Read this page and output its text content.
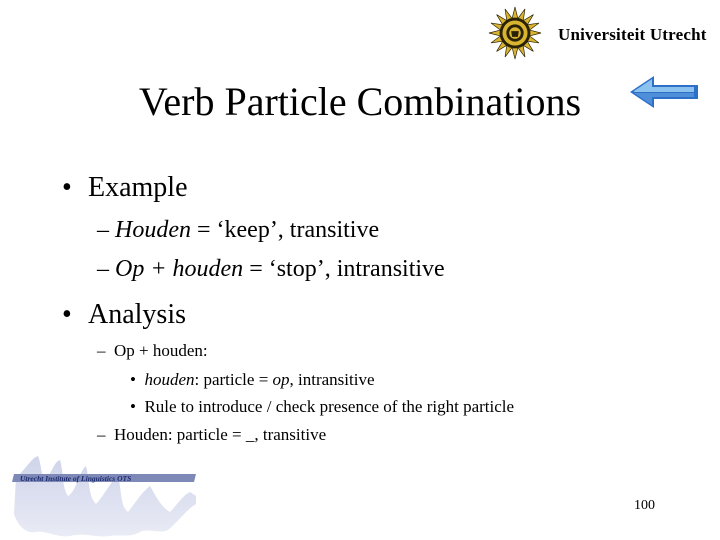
Universiteit Utrecht
Verb Particle Combinations
• Example
– Houden = ‘keep’, transitive
– Op + houden = ‘stop’, intransitive
• Analysis
–  Op + houden:
•  houden: particle = op, intransitive
•  Rule to introduce / check presence of the right particle
–  Houden: particle = _, transitive
Utrecht Institute of Linguistics OTS
100
